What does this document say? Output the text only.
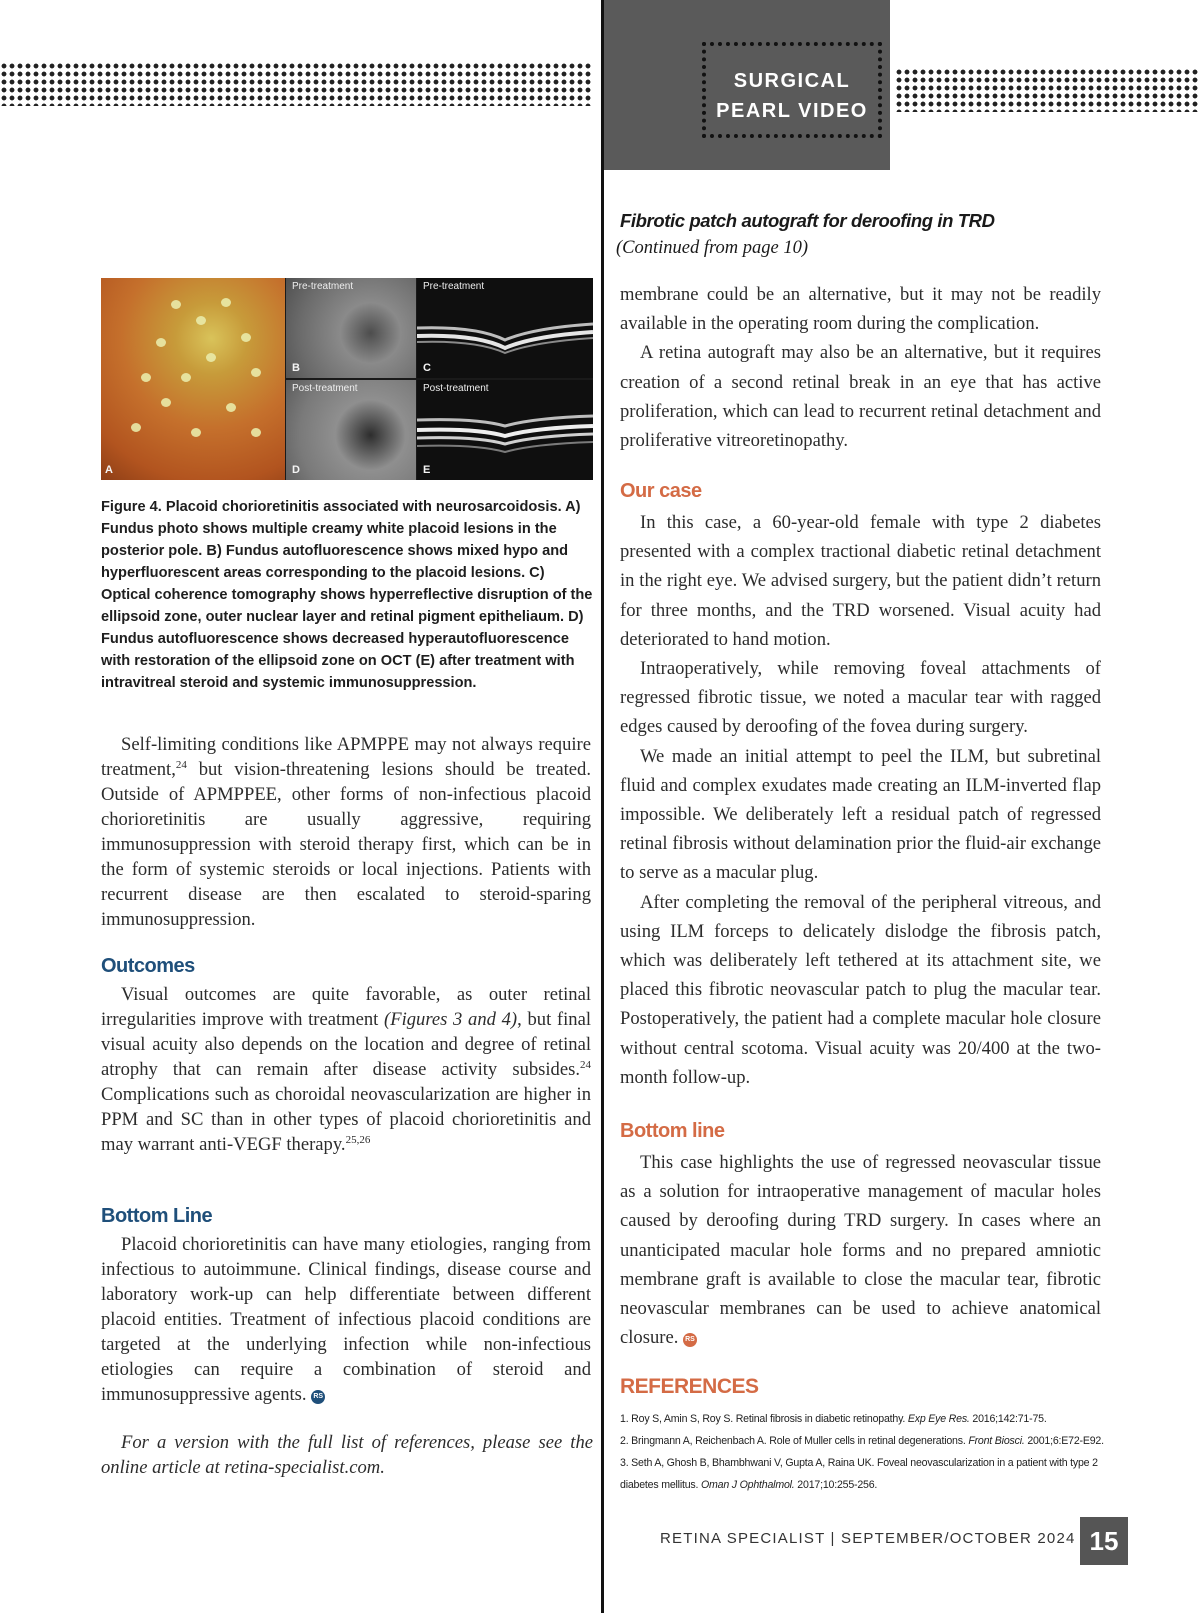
SURGICAL
PEARL VIDEO
A
Pre-treatment
B
Pre-treatment
C
Post-treatment
D
Post-treatment
E
Figure 4. Placoid chorioretinitis associated with neurosarcoidosis. A) Fundus photo shows multiple creamy white placoid lesions in the posterior pole. B) Fundus autofluorescence shows mixed hypo and hyperfluorescent areas corresponding to the placoid lesions. C) Optical coherence tomography shows hyperreflective disruption of the ellipsoid zone, outer nuclear layer and retinal pigment epitheliaum. D) Fundus autofluorescence shows decreased hyperautofluorescence with restoration of the ellipsoid zone on OCT (E) after treatment with intravitreal steroid and systemic immunosuppression.

Self-limiting conditions like APMPPE may not always require treatment,$^{24}$ but vision-threatening lesions should be treated. Outside of APMPPEE, other forms of non-infectious placoid chorioretinitis are usually aggressive, requiring immunosuppression with steroid therapy first, which can be in the form of systemic steroids or local injections. Patients with recurrent disease are then escalated to steroid-sparing immunosuppression.

Outcomes

Visual outcomes are quite favorable, as outer retinal irregularities improve with treatment (Figures 3 and 4), but final visual acuity also depends on the location and degree of retinal atrophy that can remain after disease activity subsides.$^{24}$ Complications such as choroidal neovascularization are higher in PPM and SC than in other types of placoid chorioretinitis and may warrant anti-VEGF therapy.$^{25,26}$

Bottom Line

Placoid chorioretinitis can have many etiologies, ranging from infectious to autoimmune. Clinical findings, disease course and laboratory work-up can help differentiate between different placoid entities. Treatment of infectious placoid conditions are targeted at the underlying infection while non-infectious etiologies can require a combination of steroid and immunosuppressive agents. RS

For a version with the full list of references, please see the online article at retina-specialist.com.

Fibrotic patch autograft for deroofing in TRD
(Continued from page 10)

membrane could be an alternative, but it may not be readily available in the operating room during the complication.

A retina autograft may also be an alternative, but it requires creation of a second retinal break in an eye that has active proliferation, which can lead to recurrent retinal detachment and proliferative vitreoretinopathy.

Our case

In this case, a 60-year-old female with type 2 diabetes presented with a complex tractional diabetic retinal detachment in the right eye. We advised surgery, but the patient didn’t return for three months, and the TRD worsened. Visual acuity had deteriorated to hand motion.

Intraoperatively, while removing foveal attachments of regressed fibrotic tissue, we noted a macular tear with ragged edges caused by deroofing of the fovea during surgery.

We made an initial attempt to peel the ILM, but subretinal fluid and complex exudates made creating an ILM-inverted flap impossible. We deliberately left a residual patch of regressed retinal fibrosis without delamination prior the fluid-air exchange to serve as a macular plug.

After completing the removal of the peripheral vitreous, and using ILM forceps to delicately dislodge the fibrosis patch, which was deliberately left tethered at its attachment site, we placed this fibrotic neovascular patch to plug the macular tear. Postoperatively, the patient had a complete macular hole closure without central scotoma. Visual acuity was 20/400 at the two-month follow-up.

Bottom line

This case highlights the use of regressed neovascular tissue as a solution for intraoperative management of macular holes caused by deroofing during TRD surgery. In cases where an unanticipated macular hole forms and no prepared amniotic membrane graft is available to close the macular tear, fibrotic neovascular membranes can be used to achieve anatomical closure. RS

REFERENCES
1. Roy S, Amin S, Roy S. Retinal fibrosis in diabetic retinopathy. Exp Eye Res. 2016;142:71-75.
2. Bringmann A, Reichenbach A. Role of Muller cells in retinal degenerations. Front Biosci. 2001;6:E72-E92.
3. Seth A, Ghosh B, Bhambhwani V, Gupta A, Raina UK. Foveal neovascularization in a patient with type 2 diabetes mellitus. Oman J Ophthalmol. 2017;10:255-256.
RETINA SPECIALIST | SEPTEMBER/OCTOBER 2024 15
